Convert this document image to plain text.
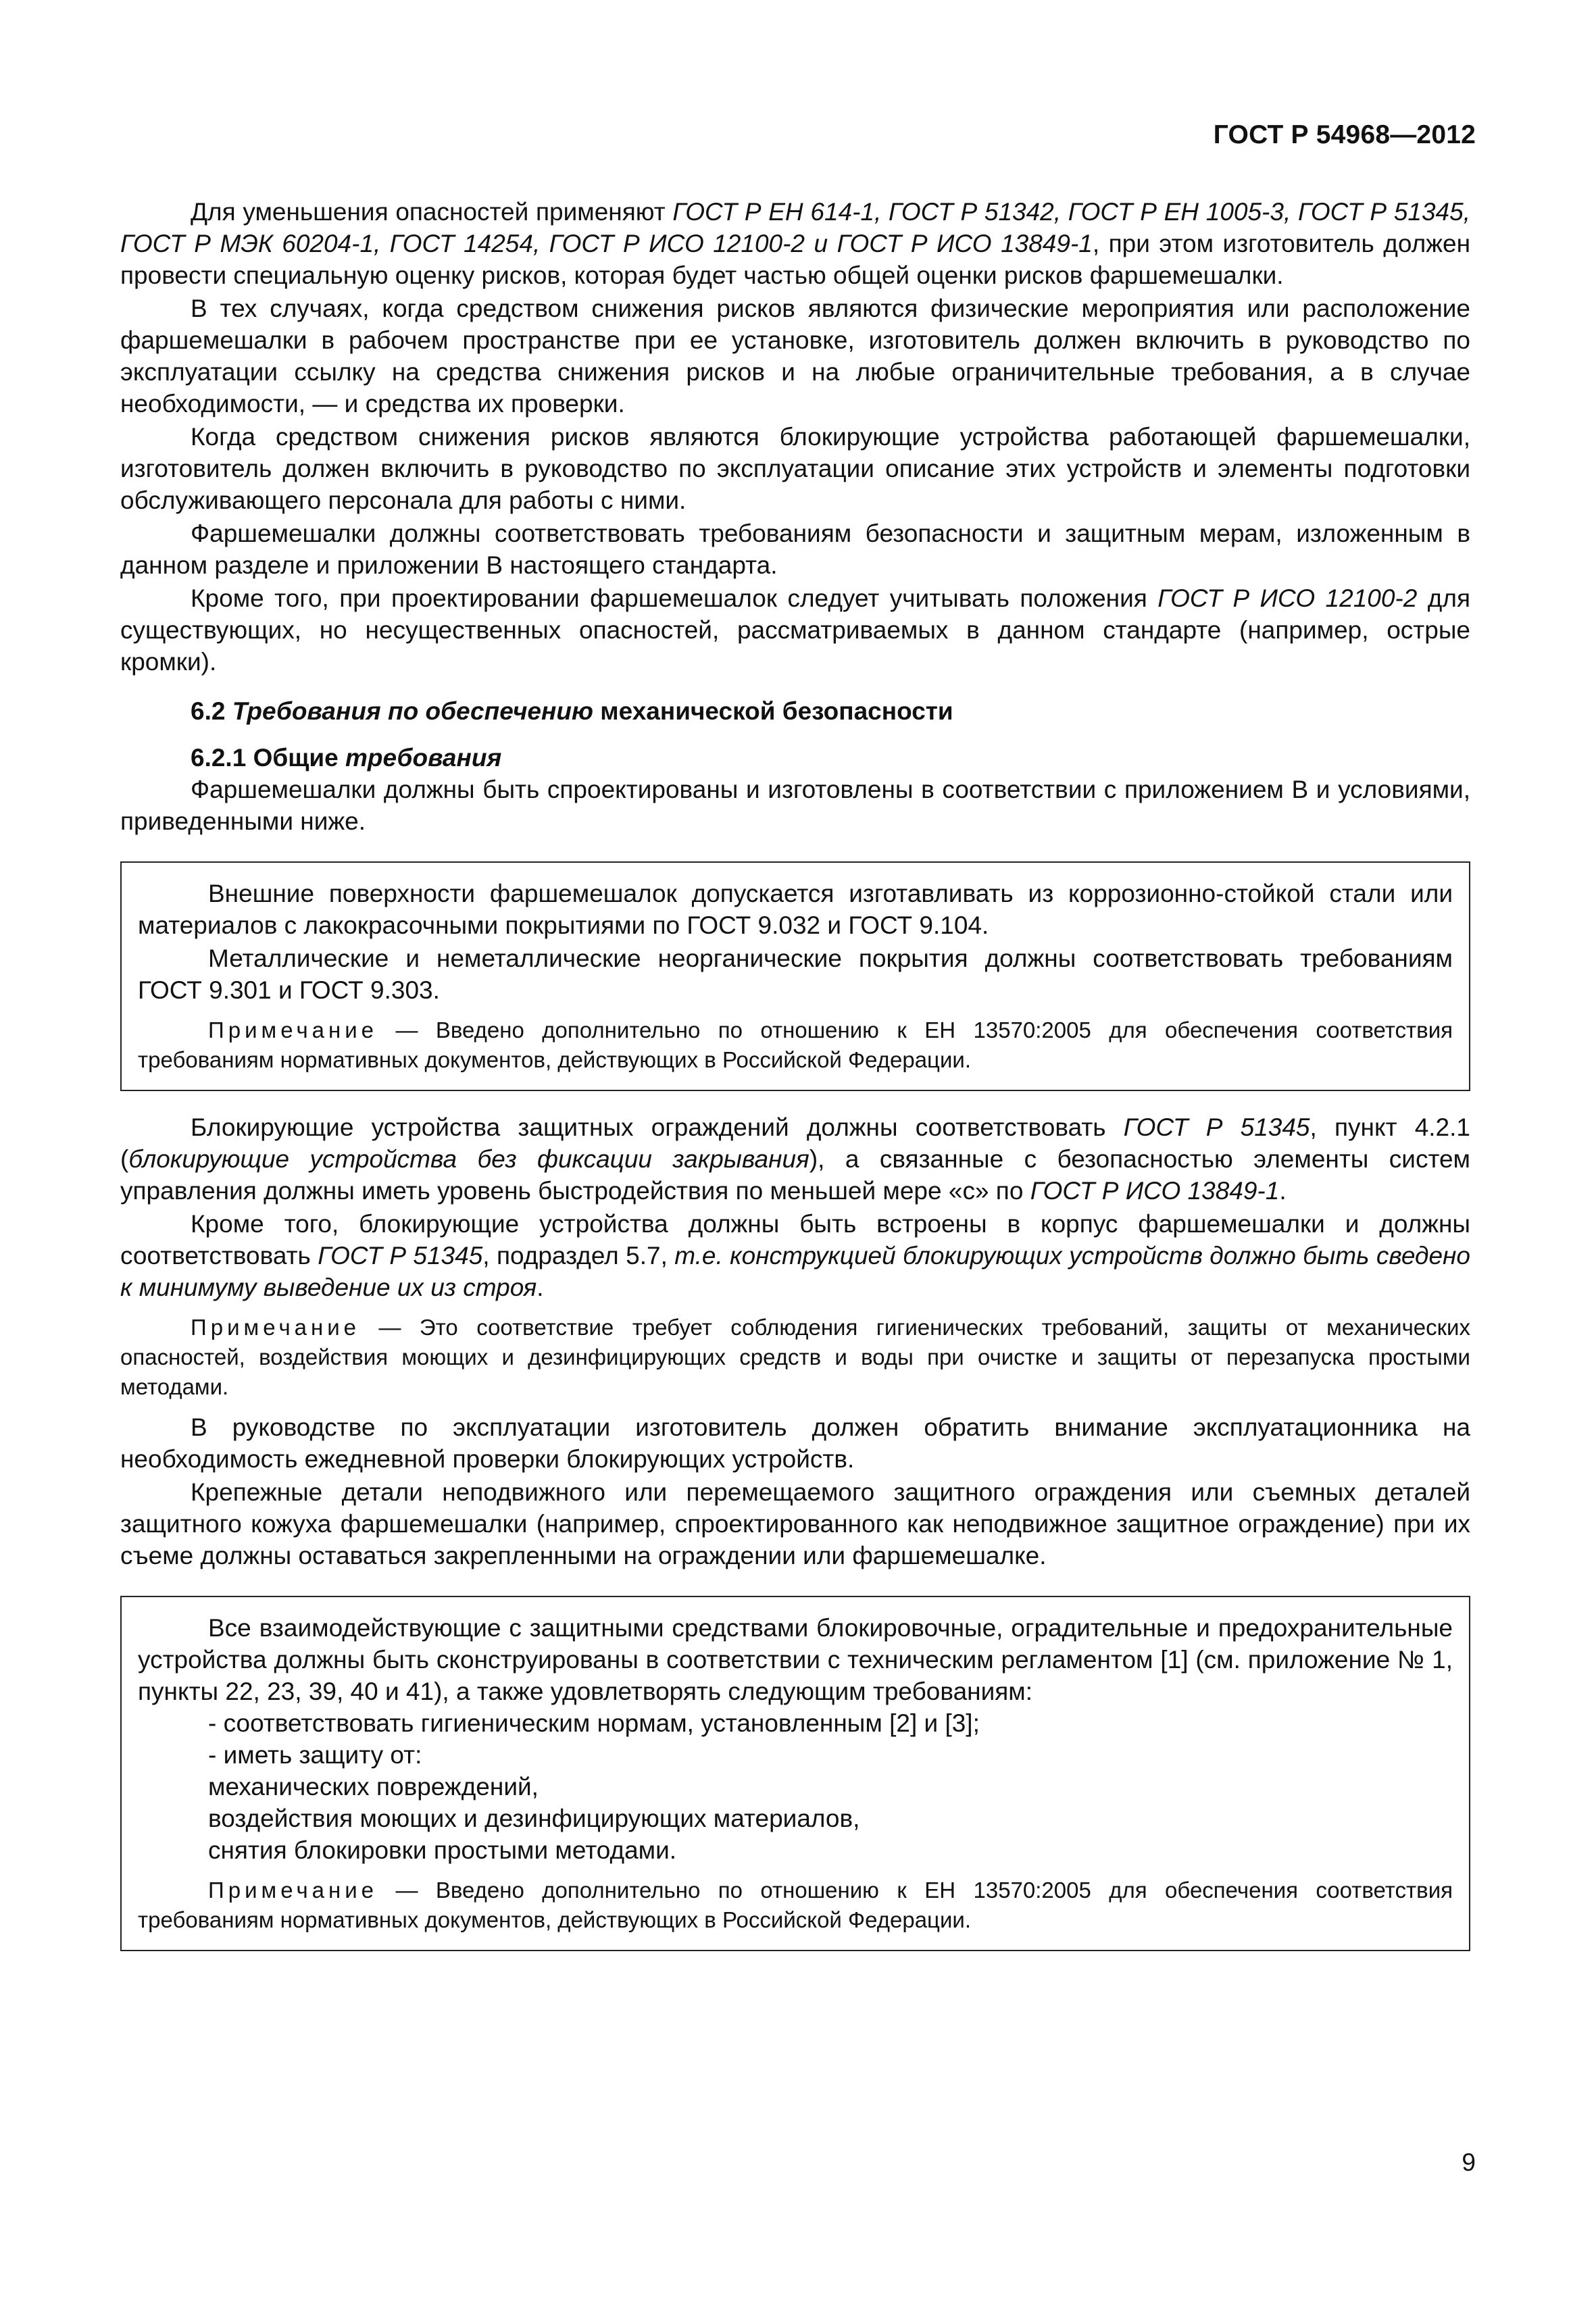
ГОСТ Р 54968—2012

Для уменьшения опасностей применяют ГОСТ Р ЕН 614-1, ГОСТ Р 51342, ГОСТ Р ЕН 1005-3, ГОСТ Р 51345, ГОСТ Р МЭК 60204-1, ГОСТ 14254, ГОСТ Р ИСО 12100-2 и ГОСТ Р ИСО 13849-1, при этом изготовитель должен провести специальную оценку рисков, которая будет частью общей оценки рисков фаршемешалки.

В тех случаях, когда средством снижения рисков являются физические мероприятия или расположение фаршемешалки в рабочем пространстве при ее установке, изготовитель должен включить в руководство по эксплуатации ссылку на средства снижения рисков и на любые ограничительные требования, а в случае необходимости, — и средства их проверки.

Когда средством снижения рисков являются блокирующие устройства работающей фаршемешалки, изготовитель должен включить в руководство по эксплуатации описание этих устройств и элементы подготовки обслуживающего персонала для работы с ними.

Фаршемешалки должны соответствовать требованиям безопасности и защитным мерам, изложенным в данном разделе и приложении В настоящего стандарта.

Кроме того, при проектировании фаршемешалок следует учитывать положения ГОСТ Р ИСО 12100-2 для существующих, но несущественных опасностей, рассматриваемых в данном стандарте (например, острые кромки).

6.2 Требования по обеспечению механической безопасности
6.2.1 Общие требования

Фаршемешалки должны быть спроектированы и изготовлены в соответствии с приложением В и условиями, приведенными ниже.

Внешние поверхности фаршемешалок допускается изготавливать из коррозионно-стойкой стали или материалов с лакокрасочными покрытиями по ГОСТ 9.032 и ГОСТ 9.104.

Металлические и неметаллические неорганические покрытия должны соответствовать требованиям ГОСТ 9.301 и ГОСТ 9.303.

Примечание — Введено дополнительно по отношению к ЕН 13570:2005 для обеспечения соответствия требованиям нормативных документов, действующих в Российской Федерации.

Блокирующие устройства защитных ограждений должны соответствовать ГОСТ Р 51345, пункт 4.2.1 (блокирующие устройства без фиксации закрывания), а связанные с безопасностью элементы систем управления должны иметь уровень быстродействия по меньшей мере «с» по ГОСТ Р ИСО 13849-1.

Кроме того, блокирующие устройства должны быть встроены в корпус фаршемешалки и должны соответствовать ГОСТ Р 51345, подраздел 5.7, т.е. конструкцией блокирующих устройств должно быть сведено к минимуму выведение их из строя.

Примечание — Это соответствие требует соблюдения гигиенических требований, защиты от механических опасностей, воздействия моющих и дезинфицирующих средств и воды при очистке и защиты от перезапуска простыми методами.

В руководстве по эксплуатации изготовитель должен обратить внимание эксплуатационника на необходимость ежедневной проверки блокирующих устройств.

Крепежные детали неподвижного или перемещаемого защитного ограждения или съемных деталей защитного кожуха фаршемешалки (например, спроектированного как неподвижное защитное ограждение) при их съеме должны оставаться закрепленными на ограждении или фаршемешалке.

Все взаимодействующие с защитными средствами блокировочные, оградительные и предохранительные устройства должны быть сконструированы в соответствии с техническим регламентом [1] (см. приложение № 1, пункты 22, 23, 39, 40 и 41), а также удовлетворять следующим требованиям:

- соответствовать гигиеническим нормам, установленным [2] и [3];
- иметь защиту от:
механических повреждений,
воздействия моющих и дезинфицирующих материалов,
снятия блокировки простыми методами.

Примечание — Введено дополнительно по отношению к ЕН 13570:2005 для обеспечения соответствия требованиям нормативных документов, действующих в Российской Федерации.

9
